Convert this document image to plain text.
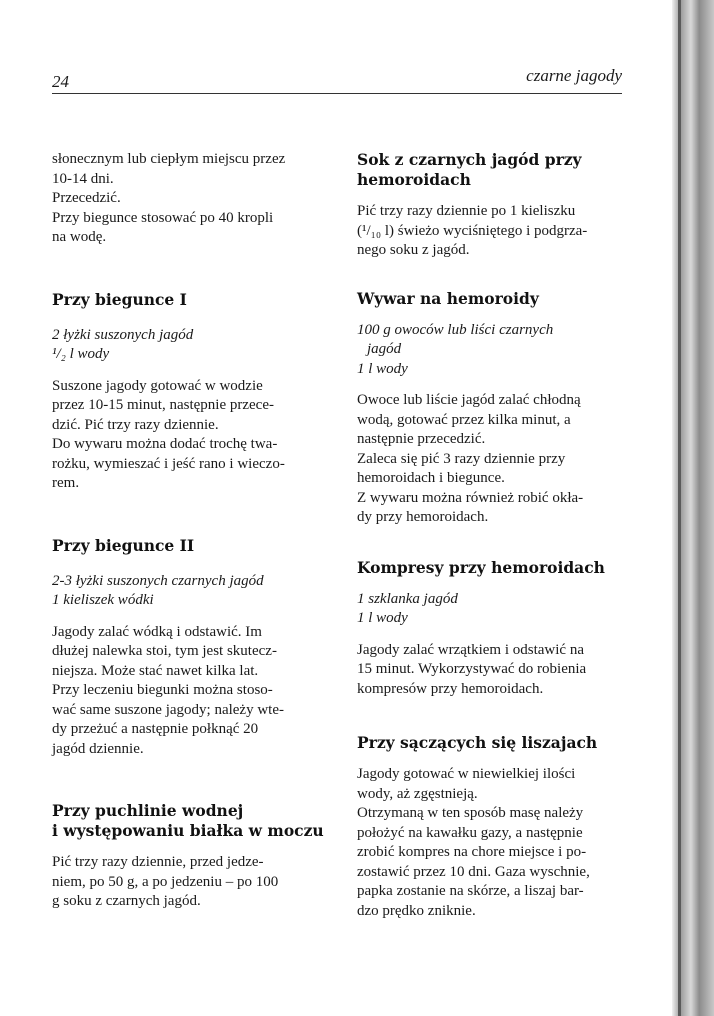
24	czarne jagody

słonecznym lub ciepłym miejscu przez

10-14 dni.

Przecedzić.

Przy biegunce stosować po 40 kropli

na wodę.

Przy biegunce I

2 łyżki suszonych jagód

¹/₂ l wody

Suszone jagody gotować w wodzie

przez 10-15 minut, następnie przece-

dzić. Pić trzy razy dziennie.

Do wywaru można dodać trochę twa-

rożku, wymieszać i jeść rano i wieczo-

rem.

Przy biegunce II

2-3 łyżki suszonych czarnych jagód

1 kieliszek wódki

Jagody zalać wódką i odstawić. Im

dłużej nalewka stoi, tym jest skutecz-

niejsza. Może stać nawet kilka lat.

Przy leczeniu biegunki można stoso-

wać same suszone jagody; należy wte-

dy przeżuć a następnie połknąć 20

jagód dziennie.

Przy puchlinie wodnej
i występowaniu białka w moczu

Pić trzy razy dziennie, przed jedze-

niem, po 50 g, a po jedzeniu – po 100

g soku z czarnych jagód.

Sok z czarnych jagód przy
hemoroidach

Pić trzy razy dziennie po 1 kieliszku

(¹/₁₀ l) świeżo wyciśniętego i podgrza-

nego soku z jagód.

Wywar na hemoroidy

100 g owoców lub liści czarnych

jagód

1 l wody

Owoce lub liście jagód zalać chłodną

wodą, gotować przez kilka minut, a

następnie przecedzić.

Zaleca się pić 3 razy dziennie przy

hemoroidach i biegunce.

Z wywaru można również robić okła-

dy przy hemoroidach.

Kompresy przy hemoroidach

1 szklanka jagód

1 l wody

Jagody zalać wrzątkiem i odstawić na

15 minut. Wykorzystywać do robienia

kompresów przy hemoroidach.

Przy sączących się liszajach

Jagody gotować w niewielkiej ilości

wody, aż zgęstnieją.

Otrzymaną w ten sposób masę należy

położyć na kawałku gazy, a następnie

zrobić kompres na chore miejsce i po-

zostawić przez 10 dni. Gaza wyschnie,

papka zostanie na skórze, a liszaj bar-

dzo prędko zniknie.
